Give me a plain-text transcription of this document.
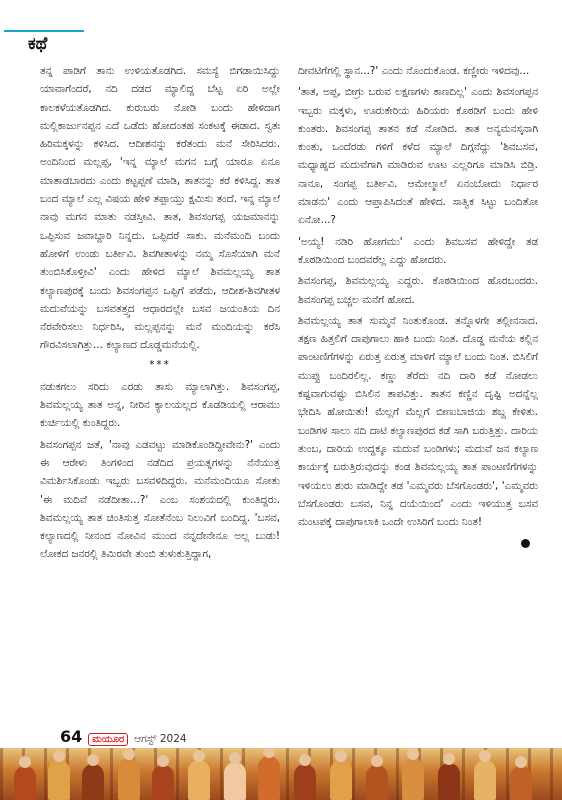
ಕಥೆ

ತನ್ನ ಪಾಡಿಗೆ ತಾನು ಉಳಿಯತೊಡಗಿದ. ಸಮಸ್ಯೆ ಬಿಗಡಾಯಿಸಿದ್ದು ಯಾವಾಗೆಂದರೆ, ನದಿ ದಡದ ಮ್ಯಾಲಿದ್ದ ಬೆಟ್ಟ ಏರಿ ಅಲ್ಲೇ ಕಾಲಕಳೆಯತೊಡಗಿದ. ಕುರುಬರು ನೋಡಿ ಬಂದು ಹೇಳಿದಾಗ ಮಲ್ಲಿಕಾರ್ಜುನಪ್ಪನ ಎದೆ ಒಡೆದು ಹೋದಂತಹ ಸಂಕಟಕ್ಕೆ ಈಡಾದ. ಸ್ವತಃ ಹಿರಿಮಕ್ಕಳನ್ನು ಕಳಿಸಿದ. ಆದೀಶನನ್ನು ಕರೆತಂದು ಮನೆ ಸೇರಿಸಿದರು. ಅಂದಿನಿಂದ ಮಲ್ಲಪ್ಪ, 'ಇನ್ನ ಮ್ಯಾಲೆ ಮಗನ ಬಗ್ಗೆ ಯಾರೂ ಏನೂ ಮಾತಾಡಬಾರದು ಎಂದು ಕಟ್ಟಪ್ಪಣೆ ಮಾಡಿ, ತಾತನನ್ನು ಕರೆ ಕಳಿಸಿದ್ದ. ತಾತ ಬಂದ ಮ್ಯಾಲೆ ಎಲ್ಲ ವಿಷಯ ಹೇಳಿ ತಪ್ಪಾಯ್ತು ಕ್ಷಮಿಸು ತಂದೆ. ಇನ್ನ ಮ್ಯಾಲೆ ನಾವು ಮಗನ ಮಾತು ನಡಸ್ತೀವಿ. ತಾತ, ಶಿವಸಂಗಪ್ಪ ಯಜಮಾನನ್ನು ಒಪ್ಪಿಸುವ ಜವಾಬ್ದಾರಿ ನಿನ್ನದು. ಒಪ್ಪಿದರೆ ಸಾಕು. ಮನೆಮಂದಿ ಬಂದು ಹೋಳಿಗೆ ಉಂಡು ಬರ್ತೀವಿ. ಶಿವಗೀತಾಳನ್ನು ನಮ್ಮ ಸೊಸೆಯಾಗಿ ಮನೆ ತುಂಬಿಸಿಕೊಳ್ತೀವಿ' ಎಂದು ಹೇಳಿದ ಮ್ಯಾಲೆ ಶಿವಮಲ್ಲಯ್ಯ ತಾತ ಕಲ್ಯಾಣಪುರಕ್ಕೆ ಬಂದು ಶಿವಸಂಗಪ್ಪನ ಒಪ್ಪಿಗೆ ಪಡೆದು, ಆದೀಶ-ಶಿವಗೀತಳ ಮದುವೆಯನ್ನು ಬಸವತತ್ತ್ವದ ಆಧಾರದಲ್ಲೇ ಬಸವ ಜಯಂತಿಯ ದಿನ ನೆರವೇರಿಸಲು ನಿರ್ಧರಿಸಿ, ಮಲ್ಲಪ್ಪನನ್ನು ಮನೆ ಮಂದಿಯನ್ನು ಕರೆಸಿ ಗೌರವಿಸಲಾಗಿತ್ತು... ಕಲ್ಯಾಣದ ದೊಡ್ಡಮನೆಯಲ್ಲಿ.

***

ನಡುಕಗಲು ಸರಿದು ಎರಡು ತಾಸು ಮ್ಯಾಲಾಗಿತ್ತು. ಶಿವಸಂಗಪ್ಪ, ಶಿವಮಲ್ಲಯ್ಯ ತಾತ ಅನ್ನ, ನೀರಿನ ಕ್ಯಾಲಯಲ್ಲದ ಕೊಡಡಿಯಲ್ಲಿ ಆರಾಮು ಕುರ್ಚಿಯಲ್ಲಿ ಕುಂತಿದ್ದರು.

ಶಿವಸಂಗಪ್ಪನ ಜತೆ, 'ನಾವು ಎಡವಟ್ಟು ಮಾಡಿಕೊಂಡಿದ್ದೀವೇನು?' ಎಂದು ಈ ಆರೇಳು ತಿಂಗಳಿಂದ ನಡೆದಿದ ಪ್ರಯತ್ನಗಳನ್ನು ನೆನೆಯುತ್ತ ವಿಮರ್ಶಿಸಿಕೊಂಡು ಇಬ್ಬರು ಬಸವಳಿದಿದ್ದರು. ಮನೆಮಂದಿಯೂ ಸೋತು 'ಈ ಮದಿವೆ ನಡೆದೀತಾ...?' ಎಂಬ ಸಂಶಯದಲ್ಲಿ ಕುಂತಿದ್ದರು. ಶಿವಮಲ್ಲಯ್ಯ ತಾತ ಚಿಂತಿಸುತ್ತ ಸೋತೆನೆಂಬ ನಿಲುವಿಗೆ ಬಂದಿದ್ದ. 'ಬಸವ, ಕಲ್ಯಾಣದಲ್ಲಿ ನೀನಂದ ನೋವಿನ ಮುಂದ ನನ್ನದೇನೇನೂ ಅಲ್ಲ ಬುಡು! ಲೋಕದ ಜನರಲ್ಲಿ ತಿಮಿರವೇ ತುಂಬಿ ತುಳುಕುತ್ತಿದ್ದಾಗ,

ದೀವಟಿಗೆಗಲ್ಲಿ ಸ್ಥಾನ...?' ಎಂದು ನೊಂದುಕೊಂಡ. ಕಣ್ಣೀರು ಇಳಿದವು...

'ತಾತ, ಅಪ್ಪ, ಬೀಗ್ರು ಬರುವ ಲಕ್ಷಣಗಳು ಕಾಣದಿಲ್ಲ' ಎಂದು ಶಿವಸಂಗಪ್ಪನ ಇಬ್ಬರು ಮಕ್ಕಳು, ಊರುಕೇರಿಯ ಹಿರಿಯರು ಕೊಠಡಿಗೆ ಬಂದು ಹೇಳಿ ಕುಂತರು. ಶಿವಸಂಗಪ್ಪ ತಾತನ ಕಡೆ ನೋಡಿದ. ತಾತ ಅನ್ಯಮನಸ್ಕನಾಗಿ ಕುಂತು, ಒಂದೆರಡು ಗಳಿಗೆ ಕಳೆದ ಮ್ಯಾಲೆ ದಿಗ್ಗನೆದ್ದು 'ಶಿವಬಸವ, ಮಧ್ಯಾಹ್ನದ ಮದುವೆಗಾಗಿ ಮಾಡಿರುವ ಊಟ ಎಲ್ಲರಿಗೂ ಮಾಡಿಸಿ ಬಿಡ್ರಿ. ನಾನೂ, ಸಂಗಪ್ಪ ಬರ್ತೀವಿ. ಆಮೇಲ್ಮಾಲೆ ಏನಂಬೋದು ನಿರ್ಧಾರ ಮಾಡನು' ಎಂದು ಆಪ್ತಾಪಿಸಿದಂತೆ ಹೇಳಿದ. ಸಾತ್ವಿಕ ಸಿಟ್ಟು ಬಂದಿತೋ ಏನೋ...?

'ಅಯ್ಯ! ನಡಿರಿ ಹೋಗಮು' ಎಂದು ಶಿವಬಸವ ಹೇಳಿದ್ದೇ ತಡ ಕೊಠಡಿಯಿಂದ ಬಂದವರೆಲ್ಲ ಎದ್ದು ಹೋದರು.

ಶಿವಸಂಗಪ್ಪ, ಶಿವಮಲ್ಲಯ್ಯ ಎದ್ದರು. ಕೊಠಡಿಯಿಂದ ಹೊರಬಂದರು. ಶಿವಸಂಗಪ್ಪ ಬಚ್ಚಲ ಮನೆಗೆ ಹೋದ.

ಶಿವಮಲ್ಲಯ್ಯ ತಾತ ಸುಮ್ಮನೆ ನಿಂತುಕೊಂಡ. ತನ್ನೊಳಗೇ ತಲ್ಲೀನನಾದ. ತಕ್ಷಣ ಹಿತ್ತಲಿಗೆ ದಾಪುಗಾಲು ಹಾಕಿ ಬಂದು ನಿಂತ. ದೊಡ್ಡ ಮನೆಯ ಕಲ್ಲಿನ ಪಾಂಟಣಿಗೆಗಳನ್ನು ಏರುತ್ತ ಏರುತ್ತ ಮಾಳಿಗೆ ಮ್ಯಾಲೆ ಬಂದು ನಿಂತ. ಬಿಸಿಲಿಗೆ ಮುಪ್ಪು ಬಂದಿರಲಿಲ್ಲ. ಕಣ್ಣು ತೆರೆದು ನದಿ ದಾರಿ ಕಡೆ ನೋಡಲು ಕಷ್ಟವಾಗುವಷ್ಟು ಬಿಸಿಲಿನ ತಾಪವಿತ್ತು. ತಾತನ ಕಣ್ಣಿನ ದೃಷ್ಟಿ ಅದನ್ನೆಲ್ಲ ಭೇದಿಸಿ ಹೋಯಿತು! ಮೆಲ್ಲಗೆ ಮೆಲ್ಲಗೆ ಬೀಣುಬಾಜಿಯ ಶಬ್ದ ಕೇಳಿತು. ಬಂಡಿಗಳ ಸಾಲು ನದಿ ದಾಟಿ ಕಲ್ಯಾಣಪುರದ ಕಡೆ ಸಾಗಿ ಬರುತ್ತಿತ್ತು. ದಾರಿಯ ತುಂಬ, ದಾರಿಯ ಉದ್ದಕ್ಕೂ ಮದುವೆ ಬಂಡಿಗಳು; ಮದುವೆ ಜನ ಕಲ್ಯಾಣ ಕಾರ್ಯಕ್ಕೆ ಬರುತ್ತಿರುವುದನ್ನು ಕಂಡ ಶಿವಮಲ್ಲಯ್ಯ ತಾತ ಪಾಂಟಣಿಗೆಗಳನ್ನು ಇಳಿಯಲು ಶುರು ಮಾಡಿದ್ದೇ ತಡ 'ಎಮ್ಮವರು ಬೆಸಗೊಂಡರು', 'ಎಮ್ಮವರು ಬೆಸಗೊಂಡರು ಬಸವ, ನಿನ್ನ ದಯೆಯಿಂದ' ಎಂದು ಇಳಿಯುತ್ತ ಬಸವ ಮಂಟಪಕ್ಕೆ ದಾಪುಗಾಲಾಕಿ ಒಂದೇ ಉಸಿರಿಗೆ ಬಂದು ನಿಂತ!

64	ಮಯೂರ ಆಗಸ್ಟ್ 2024
